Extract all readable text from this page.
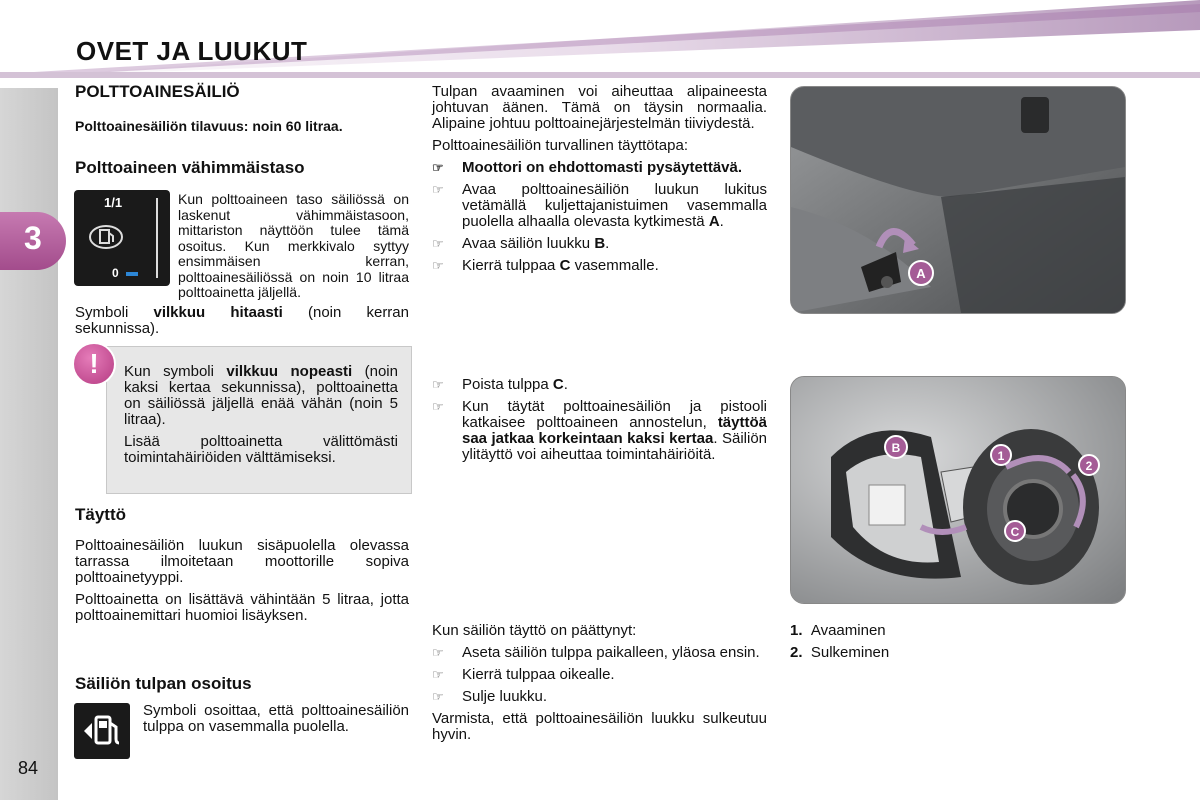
OVET JA LUUKUT
3
84
POLTTOAINESÄILIÖ
Polttoainesäiliön tilavuus: noin 60 litraa.
Polttoaineen vähimmäistaso
1/1
0
Kun polttoaineen taso säiliössä on laskenut vähimmäistasoon, mittariston näyttöön tulee tämä osoitus. Kun merkkivalo syttyy ensimmäisen kerran, polttoainesäiliössä on noin 10 litraa polttoainetta jäljellä.
Symboli vilkkuu hitaasti (noin kerran sekunnissa).
!	Kun symboli vilkkuu nopeasti (noin kaksi kertaa sekunnissa), polttoainetta on säiliössä jäljellä enää vähän (noin 5 litraa).

Lisää polttoainetta välittömästi toimintahäiriöiden välttämiseksi.

Täyttö

Polttoainesäiliön luukun sisäpuolella olevassa tarrassa ilmoitetaan moottorille sopiva polttoainetyyppi.

Polttoainetta on lisättävä vähintään 5 litraa, jotta polttoainemittari huomioi lisäyksen.

Säiliön tulpan osoitus
Symboli osoittaa, että polttoainesäiliön tulppa on vasemmalla puolella.

Tulpan avaaminen voi aiheuttaa alipaineesta johtuvan äänen. Tämä on täysin normaalia. Alipaine johtuu polttoainejärjestelmän tiiviydestä.

Polttoainesäiliön turvallinen täyttötapa:

☞ Moottori on ehdottomasti pysäytettävä.

☞ Avaa polttoainesäiliön luukun lukitus vetämällä kuljettajanistuimen vasemmalla puolella alhaalla olevasta kytkimestä A.

☞ Avaa säiliön luukku B.

☞ Kierrä tulppaa C vasemmalle.

☞ Poista tulppa C.

☞ Kun täytät polttoainesäiliön ja pistooli katkaisee polttoaineen annostelun, täyttöä saa jatkaa korkeintaan kaksi kertaa. Säiliön ylitäyttö voi aiheuttaa toimintahäiriöitä.

Kun säiliön täyttö on päättynyt:

☞ Aseta säiliön tulppa paikalleen, yläosa ensin.

☞ Kierrä tulppaa oikealle.

☞ Sulje luukku.

Varmista, että polttoainesäiliön luukku sulkeutuu hyvin.

A
B
1
2
C

1. Avaaminen

2. Sulkeminen
